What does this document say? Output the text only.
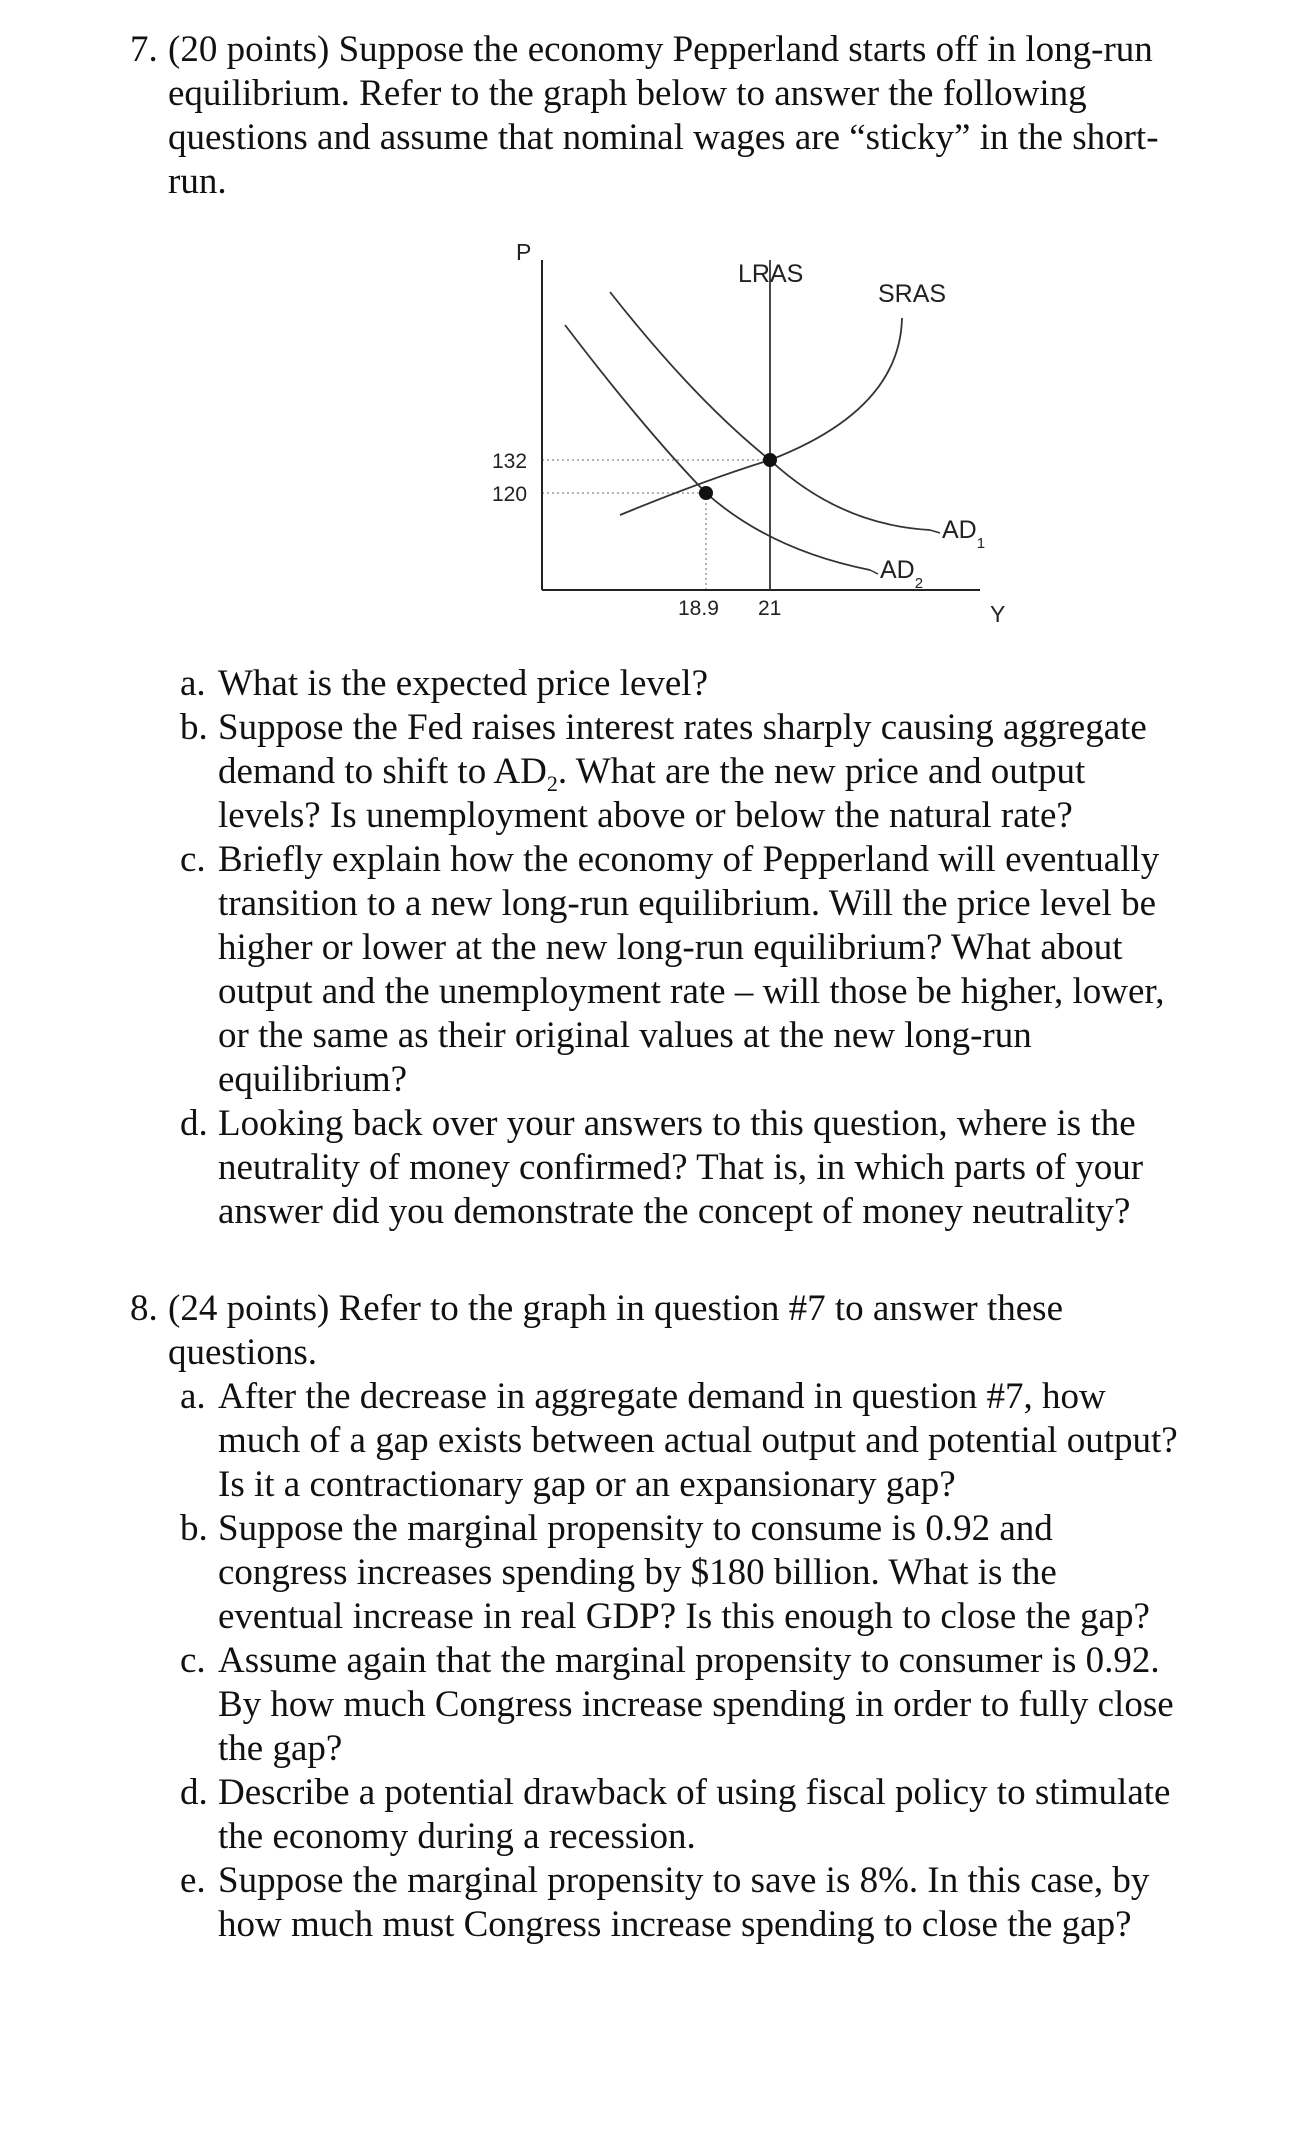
7. (20 points) Suppose the economy Pepperland starts off in long-run
equilibrium. Refer to the graph below to answer the following
questions and assume that nominal wages are “sticky” in the short-
run.
P
Y
LRAS
SRAS
132
120
18.9 21
$AD_1$
$AD_2$
a. What is the expected price level?
b. Suppose the Fed raises interest rates sharply causing aggregate
demand to shift to $AD_2$. What are the new price and output
levels? Is unemployment above or below the natural rate?
c. Briefly explain how the economy of Pepperland will eventually
transition to a new long-run equilibrium. Will the price level be
higher or lower at the new long-run equilibrium? What about
output and the unemployment rate – will those be higher, lower,
or the same as their original values at the new long-run
equilibrium?
d. Looking back over your answers to this question, where is the
neutrality of money confirmed? That is, in which parts of your
answer did you demonstrate the concept of money neutrality?
8. (24 points) Refer to the graph in question #7 to answer these
questions.
a. After the decrease in aggregate demand in question #7, how
much of a gap exists between actual output and potential output?
Is it a contractionary gap or an expansionary gap?
b. Suppose the marginal propensity to consume is 0.92 and
congress increases spending by $180 billion. What is the
eventual increase in real GDP? Is this enough to close the gap?
c. Assume again that the marginal propensity to consumer is 0.92.
By how much Congress increase spending in order to fully close
the gap?
d. Describe a potential drawback of using fiscal policy to stimulate
the economy during a recession.
e. Suppose the marginal propensity to save is 8%. In this case, by
how much must Congress increase spending to close the gap?
